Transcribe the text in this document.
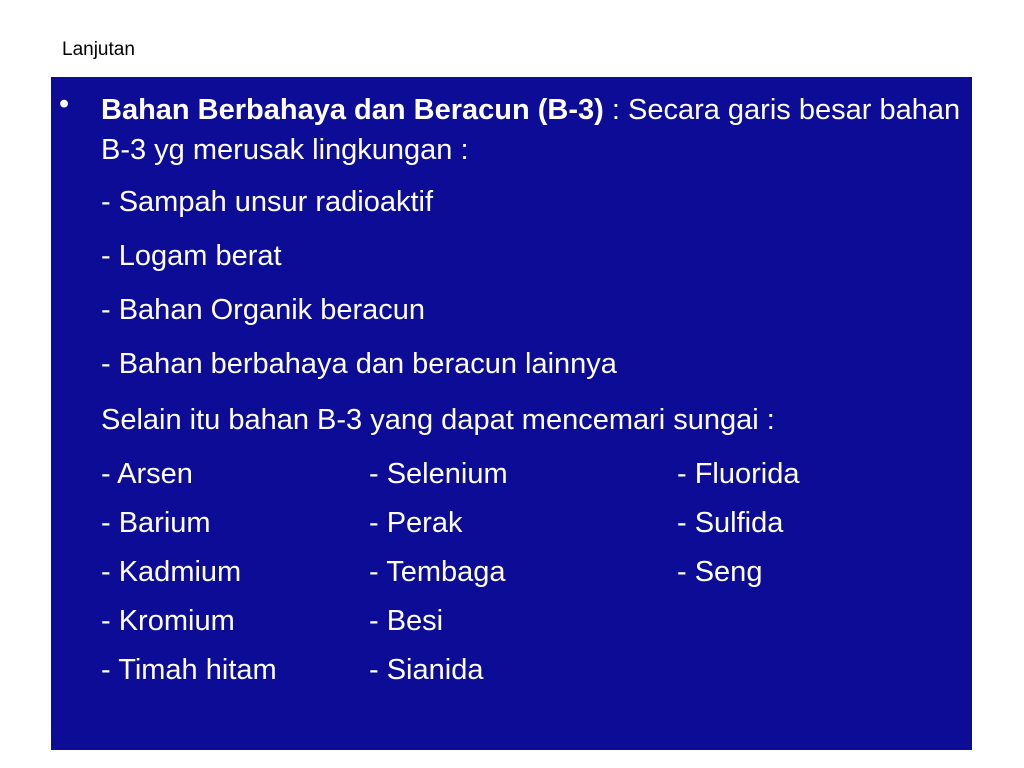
Lanjutan
• Bahan Berbahaya dan Beracun (B-3) : Secara garis besar bahan B-3 yg merusak lingkungan :
- Sampah unsur radioaktif
- Logam berat
- Bahan Organik beracun
- Bahan berbahaya dan beracun lainnya
Selain itu bahan B-3 yang dapat mencemari sungai :
- Arsen
- Barium
- Kadmium
- Kromium
- Timah hitam
- Selenium
- Perak
- Tembaga
- Besi
- Sianida
- Fluorida
- Sulfida
- Seng
